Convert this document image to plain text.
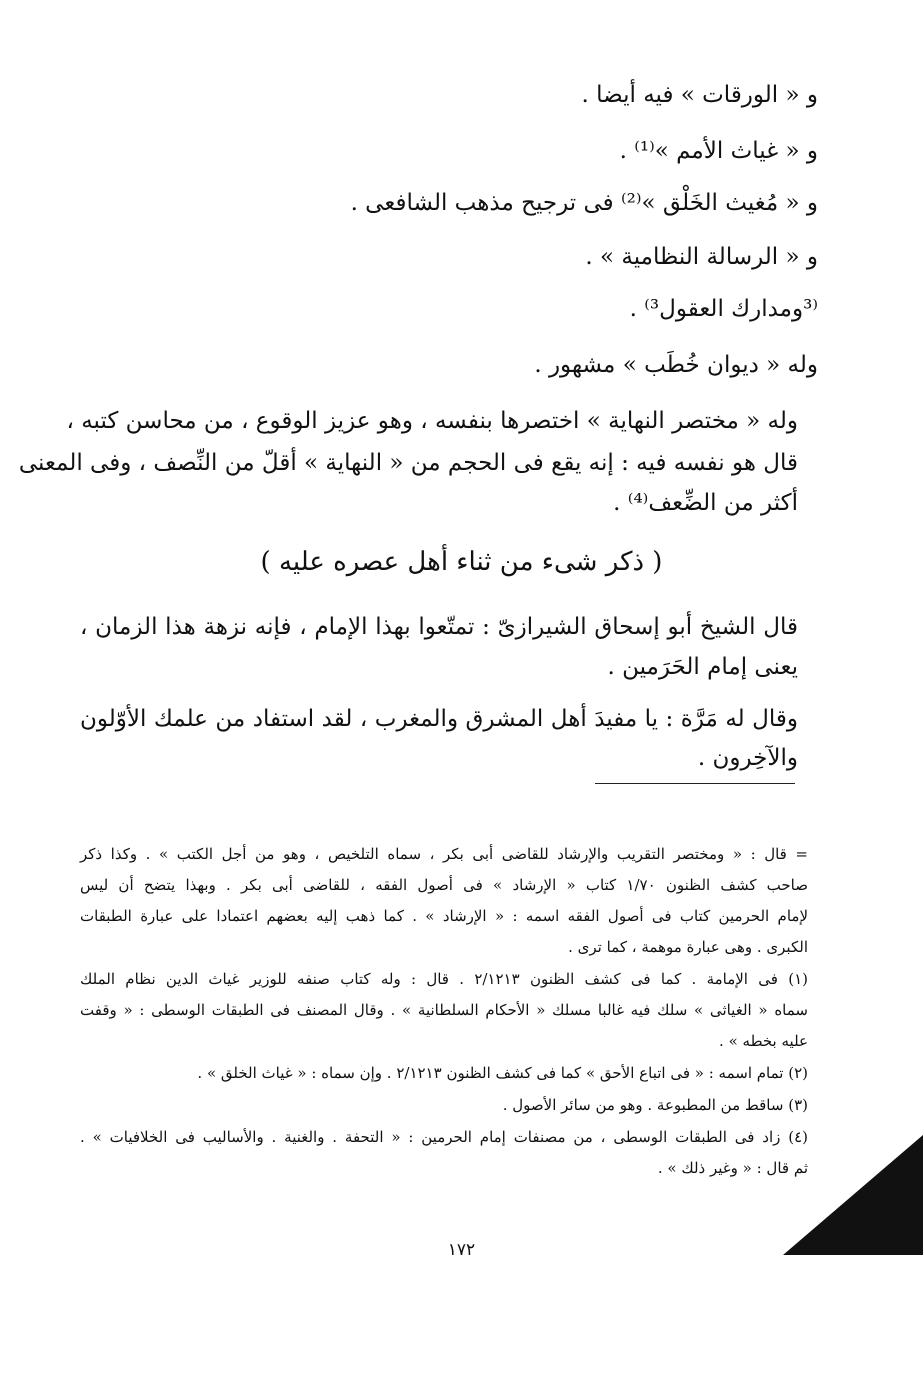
و « الورقات » فيه أيضا .
و « غياث الأمم »⁽¹⁾ .
و « مُغيث الخَلْق »⁽²⁾ فى ترجيح مذهب الشافعى .
و « الرسالة النظامية » .
⁽³ومدارك العقول³⁾ .
وله « ديوان خُطَب » مشهور .
وله « مختصر النهاية » اختصرها بنفسه ، وهو عزيز الوقوع ، من محاسن كتبه ،
قال هو نفسه فيه : إنه يقع فى الحجم من « النهاية » أقلّ من النِّصف ، وفى المعنى
أكثر من الضِّعف⁽⁴⁾ .
( ذكر شىء من ثناء أهل عصره عليه )
قال الشيخ أبو إسحاق الشيرازىّ : تمتّعوا بهذا الإمام ، فإنه نزهة هذا الزمان ،
يعنى إمام الحَرَمين .
وقال له مَرَّة : يا مفيدَ أهل المشرق والمغرب ، لقد استفاد من علمك الأوّلون
والآخِرون .
= قال : « ومختصر التقريب والإرشاد للقاضى أبى بكر ، سماه التلخيص ، وهو من أجل الكتب » . وكذا ذكر
صاحب كشف الظنون ١/٧٠ كتاب « الإرشاد » فى أصول الفقه ، للقاضى أبى بكر . وبهذا يتضح أن ليس
لإمام الحرمين كتاب فى أصول الفقه اسمه : « الإرشاد » . كما ذهب إليه بعضهم اعتمادا على عبارة الطبقات
الكبرى . وهى عبارة موهمة ، كما ترى .
(١) فى الإمامة . كما فى كشف الظنون ٢/١٢١٣ . قال : وله كتاب صنفه للوزير غياث الدين نظام الملك
سماه « الغياثى » سلك فيه غالبا مسلك « الأحكام السلطانية » . وقال المصنف فى الطبقات الوسطى : « وقفت
عليه بخطه » .
(٢) تمام اسمه : « فى اتباع الأحق » كما فى كشف الظنون ٢/١٢١٣ . وإن سماه : « غياث الخلق » .
(٣) ساقط من المطبوعة . وهو من سائر الأصول .
(٤) زاد فى الطبقات الوسطى ، من مصنفات إمام الحرمين : « التحفة . والغنية . والأساليب فى الخلافيات » .
ثم قال : « وغير ذلك » .
١٧٢
